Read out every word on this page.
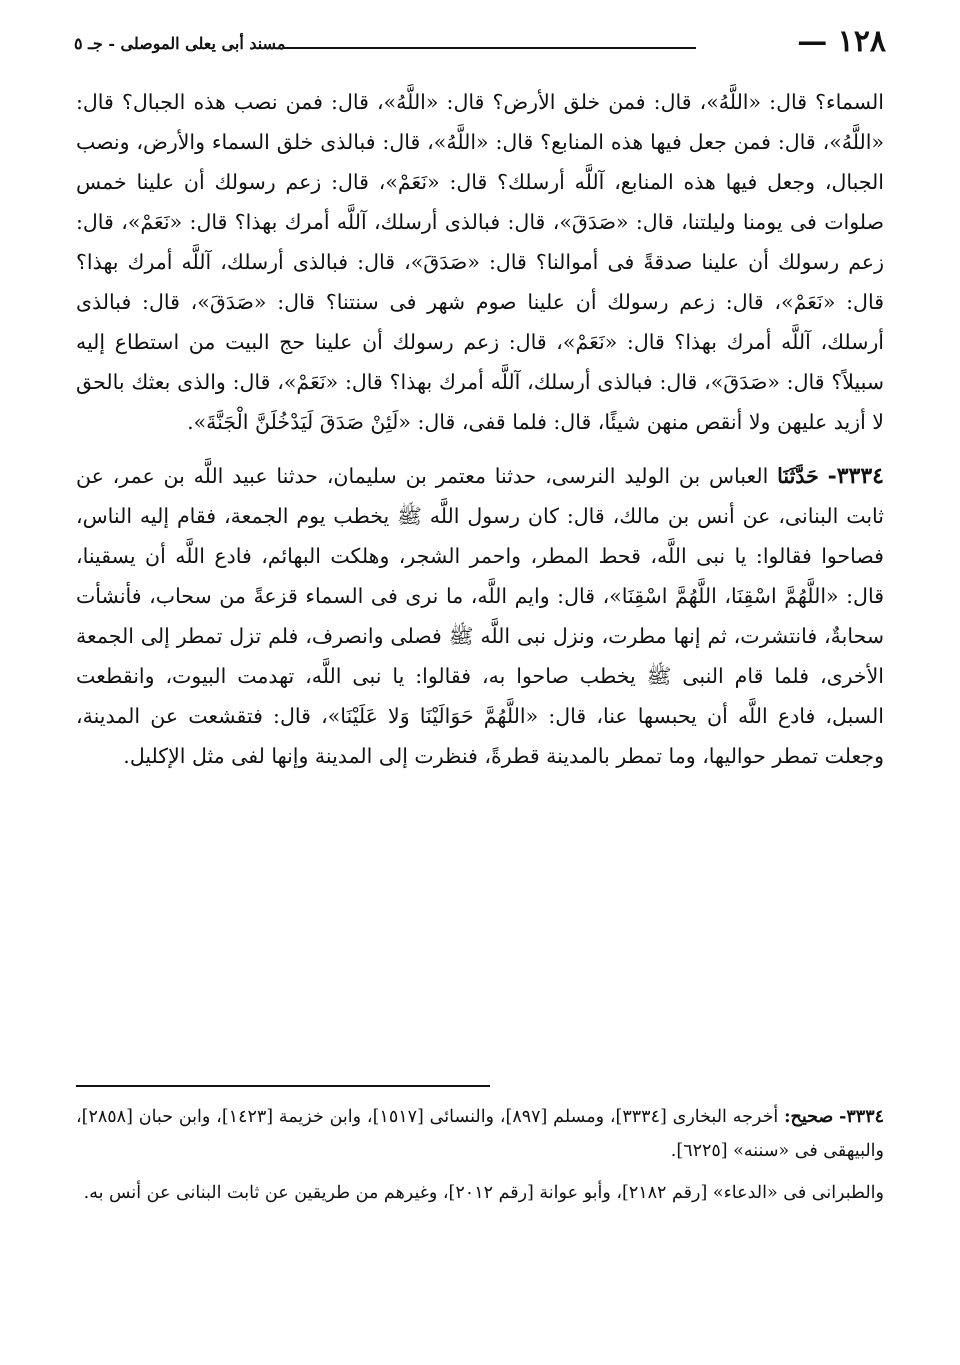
١٢٨ —
مسند أبى يعلى الموصلى - جـ ٥

السماء؟ قال: «اللَّهُ»، قال: فمن خلق الأرض؟ قال: «اللَّهُ»، قال: فمن نصب هذه الجبال؟ قال: «اللَّهُ»، قال: فمن جعل فيها هذه المنابع؟ قال: «اللَّهُ»، قال: فبالذى خلق السماء والأرض، ونصب الجبال، وجعل فيها هذه المنابع، آللَّه أرسلك؟ قال: «نَعَمْ»، قال: زعم رسولك أن علينا خمس صلوات فى يومنا وليلتنا، قال: «صَدَقَ»، قال: فبالذى أرسلك، آللَّه أمرك بهذا؟ قال: «نَعَمْ»، قال: زعم رسولك أن علينا صدقةً فى أموالنا؟ قال: «صَدَقَ»، قال: فبالذى أرسلك، آللَّه أمرك بهذا؟ قال: «نَعَمْ»، قال: زعم رسولك أن علينا صوم شهر فى سنتنا؟ قال: «صَدَقَ»، قال: فبالذى أرسلك، آللَّه أمرك بهذا؟ قال: «نَعَمْ»، قال: زعم رسولك أن علينا حج البيت من استطاع إليه سبيلاً؟ قال: «صَدَقَ»، قال: فبالذى أرسلك، آللَّه أمرك بهذا؟ قال: «نَعَمْ»، قال: والذى بعثك بالحق لا أزيد عليهن ولا أنقص منهن شيئًا، قال: فلما قفى، قال: «لَئِنْ صَدَقَ لَيَدْخُلَنَّ الْجَنَّةَ».

٣٣٣٤- حَدَّثَنَا العباس بن الوليد النرسى، حدثنا معتمر بن سليمان، حدثنا عبيد اللَّه بن عمر، عن ثابت البنانى، عن أنس بن مالك، قال: كان رسول اللَّه ﷺ يخطب يوم الجمعة، فقام إليه الناس، فصاحوا فقالوا: يا نبى اللَّه، قحط المطر، واحمر الشجر، وهلكت البهائم، فادع اللَّه أن يسقينا، قال: «اللَّهُمَّ اسْقِنَا، اللَّهُمَّ اسْقِنَا»، قال: وايم اللَّه، ما نرى فى السماء قزعةً من سحاب، فأنشأت سحابةٌ، فانتشرت، ثم إنها مطرت، ونزل نبى اللَّه ﷺ فصلى وانصرف، فلم تزل تمطر إلى الجمعة الأخرى، فلما قام النبى ﷺ يخطب صاحوا به، فقالوا: يا نبى اللَّه، تهدمت البيوت، وانقطعت السبل، فادع اللَّه أن يحبسها عنا، قال: «اللَّهُمَّ حَوَالَيْنَا وَلا عَلَيْنَا»، قال: فتقشعت عن المدينة، وجعلت تمطر حواليها، وما تمطر بالمدينة قطرةً، فنظرت إلى المدينة وإنها لفى مثل الإكليل.

٣٣٣٤- صحيح: أخرجه البخارى [٣٣٣٤]، ومسلم [٨٩٧]، والنسائى [١٥١٧]، وابن خزيمة [١٤٢٣]، وابن حبان [٢٨٥٨]، والبيهقى فى «سننه» [٦٢٢٥].

والطبرانى فى «الدعاء» [رقم ٢١٨٢]، وأبو عوانة [رقم ٢٠١٢]، وغيرهم من طريقين عن ثابت البنانى عن أنس به.
